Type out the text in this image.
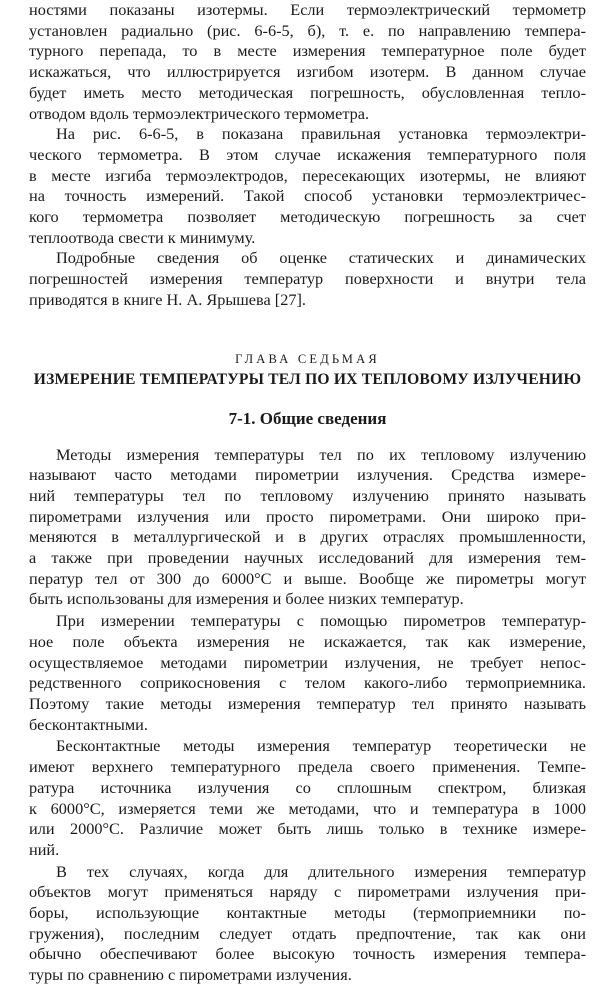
ностями показаны изотермы. Если термоэлектрический термометр
установлен радиально (рис. 6-6-5, б), т. е. по направлению темпера-
турного перепада, то в месте измерения температурное поле будет
искажаться, что иллюстрируется изгибом изотерм. В данном случае
будет иметь место методическая погрешность, обусловленная тепло-
отводом вдоль термоэлектрического термометра.

На рис. 6-6-5, в показана правильная установка термоэлектри-
ческого термометра. В этом случае искажения температурного поля
в месте изгиба термоэлектродов, пересекающих изотермы, не влияют
на точность измерений. Такой способ установки термоэлектричес-
кого термометра позволяет методическую погрешность за счет
теплоотвода свести к минимуму.

Подробные сведения об оценке статических и динамических
погрешностей измерения температур поверхности и внутри тела
приводятся в книге Н. А. Ярышева [27].

ГЛАВА СЕДЬМАЯ
ИЗМЕРЕНИЕ ТЕМПЕРАТУРЫ ТЕЛ ПО ИХ ТЕПЛОВОМУ ИЗЛУЧЕНИЮ
7-1. Общие сведения

Методы измерения температуры тел по их тепловому излучению
называют часто методами пирометрии излучения. Средства измере-
ний температуры тел по тепловому излучению принято называть
пирометрами излучения или просто пирометрами. Они широко при-
меняются в металлургической и в других отраслях промышленности,
а также при проведении научных исследований для измерения тем-
ператур тел от 300 до 6000°С и выше. Вообще же пирометры могут
быть использованы для измерения и более низких температур.

При измерении температуры с помощью пирометров температур-
ное поле объекта измерения не искажается, так как измерение,
осуществляемое методами пирометрии излучения, не требует непос-
редственного соприкосновения с телом какого-либо термоприемника.
Поэтому такие методы измерения температур тел принято называть
бесконтактными.

Бесконтактные методы измерения температур теоретически не
имеют верхнего температурного предела своего применения. Темпе-
ратура источника излучения со сплошным спектром, близкая
к 6000°С, измеряется теми же методами, что и температура в 1000
или 2000°С. Различие может быть лишь только в технике измере-
ний.

В тех случаях, когда для длительного измерения температур
объектов могут применяться наряду с пирометрами излучения при-
боры, использующие контактные методы (термоприемники по-
гружения), последним следует отдать предпочтение, так как они
обычно обеспечивают более высокую точность измерения темпера-
туры по сравнению с пирометрами излучения.
